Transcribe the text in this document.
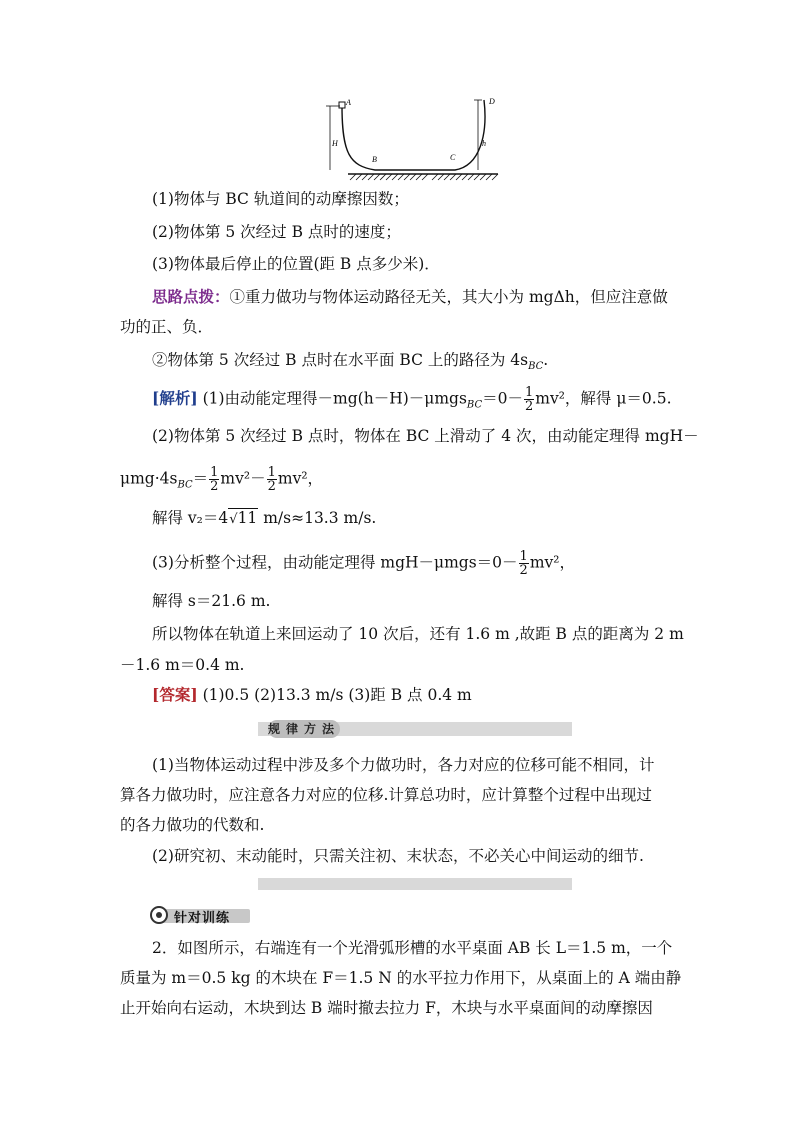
A	D
B	C
H	h
(1)物体与 BC 轨道间的动摩擦因数；
(2)物体第 5 次经过 B 点时的速度；
(3)物体最后停止的位置(距 B 点多少米)．
思路点拨：①重力做功与物体运动路径无关，其大小为 mgΔh，但应注意做
功的正、负．
②物体第 5 次经过 B 点时在水平面 BC 上的路径为 $4s_{BC}$.
[解析] (1)由动能定理得$-mg(h-H)-\mu mgs_{BC}=0- \frac{1}{2} mv^2$，解得 μ＝0.5.
(2)物体第 5 次经过 B 点时，物体在 BC 上滑动了 4 次，由动能定理得 mgH－
$\mu mg\cdot 4s_{BC}= \frac{1}{2} mv^2- \frac{1}{2} mv^2$，
解得 v₂＝4√11 m/s≈13.3 m/s.
(3)分析整个过程，由动能定理得 $mgH-\mu mgs=0- \frac{1}{2} mv^2$，
解得 s＝21.6 m.
所以物体在轨道上来回运动了 10 次后，还有 1.6 m ,故距 B 点的距离为 2 m
－1.6 m＝0.4 m.
[答案] (1)0.5 (2)13.3 m/s (3)距 B 点 0.4 m
规律方法
(1)当物体运动过程中涉及多个力做功时，各力对应的位移可能不相同，计
算各力做功时，应注意各力对应的位移.计算总功时，应计算整个过程中出现过
的各力做功的代数和.
(2)研究初、末动能时，只需关注初、末状态，不必关心中间运动的细节.
针对训练
2．如图所示，右端连有一个光滑弧形槽的水平桌面 AB 长 L＝1.5 m，一个
质量为 m＝0.5 kg 的木块在 F＝1.5 N 的水平拉力作用下，从桌面上的 A 端由静
止开始向右运动，木块到达 B 端时撤去拉力 F，木块与水平桌面间的动摩擦因
